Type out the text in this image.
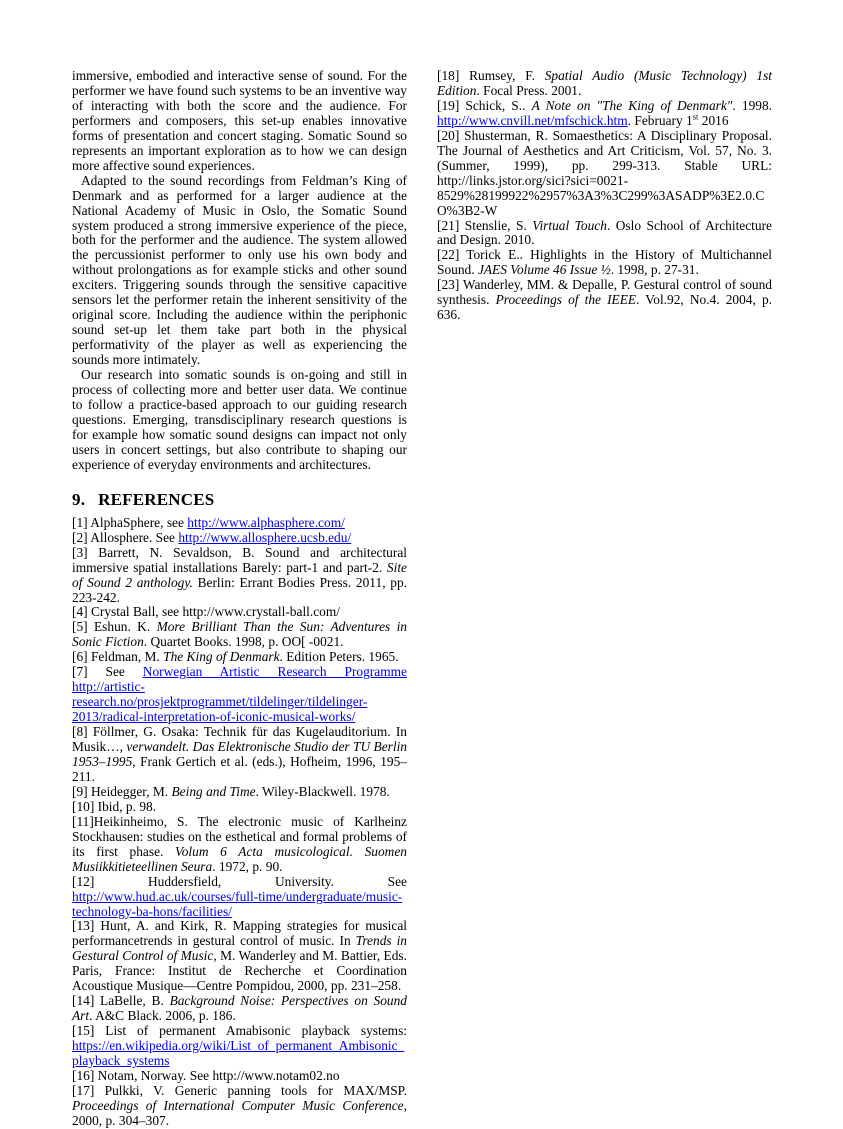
immersive, embodied and interactive sense of sound. For the performer we have found such systems to be an inventive way of interacting with both the score and the audience. For performers and composers, this set-up enables innovative forms of presentation and concert staging. Somatic Sound so represents an important exploration as to how we can design more affective sound experiences.

Adapted to the sound recordings from Feldman’s King of Denmark and as performed for a larger audience at the National Academy of Music in Oslo, the Somatic Sound system produced a strong immersive experience of the piece, both for the performer and the audience. The system allowed the percussionist performer to only use his own body and without prolongations as for example sticks and other sound exciters. Triggering sounds through the sensitive capacitive sensors let the performer retain the inherent sensitivity of the original score. Including the audience within the periphonic sound set-up let them take part both in the physical performativity of the player as well as experiencing the sounds more intimately.

Our research into somatic sounds is on-going and still in process of collecting more and better user data. We continue to follow a practice-based approach to our guiding research questions. Emerging, transdisciplinary research questions is for example how somatic sound designs can impact not only users in concert settings, but also contribute to shaping our experience of everyday environments and architectures.

9. REFERENCES

[1] AlphaSphere, see http://www.alphasphere.com/

[2] Allosphere. See http://www.allosphere.ucsb.edu/

[3] Barrett, N. Sevaldson, B. Sound and architectural immersive spatial installations Barely: part-1 and part-2. Site of Sound 2 anthology. Berlin: Errant Bodies Press. 2011, pp. 223-242.

[4] Crystal Ball, see http://www.crystall-ball.com/

[5] Eshun. K. More Brilliant Than the Sun: Adventures in Sonic Fiction. Quartet Books. 1998, p. OO[ -0021.

[6] Feldman, M. The King of Denmark. Edition Peters. 1965.

[7] See Norwegian Artistic Research Programme http://artistic-research.no/prosjektprogrammet/tildelinger/tildelinger-2013/radical-interpretation-of-iconic-musical-works/

[8] Föllmer, G. Osaka: Technik für das Kugelauditorium. In Musik…, verwandelt. Das Elektronische Studio der TU Berlin 1953–1995, Frank Gertich et al. (eds.), Hofheim, 1996, 195–211.

[9] Heidegger, M. Being and Time. Wiley-Blackwell. 1978.

[10] Ibid, p. 98.

[11]Heikinheimo, S. The electronic music of Karlheinz Stockhausen: studies on the esthetical and formal problems of its first phase. Volum 6 Acta musicological. Suomen Musiikkitieteellinen Seura. 1972, p. 90.

[12] Huddersfield, University. See http://www.hud.ac.uk/courses/full-time/undergraduate/music-technology-ba-hons/facilities/

[13] Hunt, A. and Kirk, R. Mapping strategies for musical performancetrends in gestural control of music. In Trends in Gestural Control of Music, M. Wanderley and M. Battier, Eds. Paris, France: Institut de Recherche et Coordination Acoustique Musique—Centre Pompidou, 2000, pp. 231–258.

[14] LaBelle, B. Background Noise: Perspectives on Sound Art. A&C Black. 2006, p. 186.

[15] List of permanent Amabisonic playback systems: https://en.wikipedia.org/wiki/List_of_permanent_Ambisonic_playback_systems

[16] Notam, Norway. See http://www.notam02.no

[17] Pulkki, V. Generic panning tools for MAX/MSP. Proceedings of International Computer Music Conference, 2000, p. 304–307.

[18] Rumsey, F. Spatial Audio (Music Technology) 1st Edition. Focal Press. 2001.

[19] Schick, S.. A Note on "The King of Denmark". 1998. http://www.cnvill.net/mfschick.htm. February 1st 2016

[20] Shusterman, R. Somaesthetics: A Disciplinary Proposal. The Journal of Aesthetics and Art Criticism, Vol. 57, No. 3. (Summer, 1999), pp. 299-313. Stable URL: http://links.jstor.org/sici?sici=0021-8529%28199922%2957%3A3%3C299%3ASADP%3E2.0.CO%3B2-W

[21] Stenslie, S. Virtual Touch. Oslo School of Architecture and Design. 2010.

[22] Torick E.. Highlights in the History of Multichannel Sound. JAES Volume 46 Issue ½. 1998, p. 27-31.

[23] Wanderley, MM. & Depalle, P. Gestural control of sound synthesis. Proceedings of the IEEE. Vol.92, No.4. 2004, p. 636.
